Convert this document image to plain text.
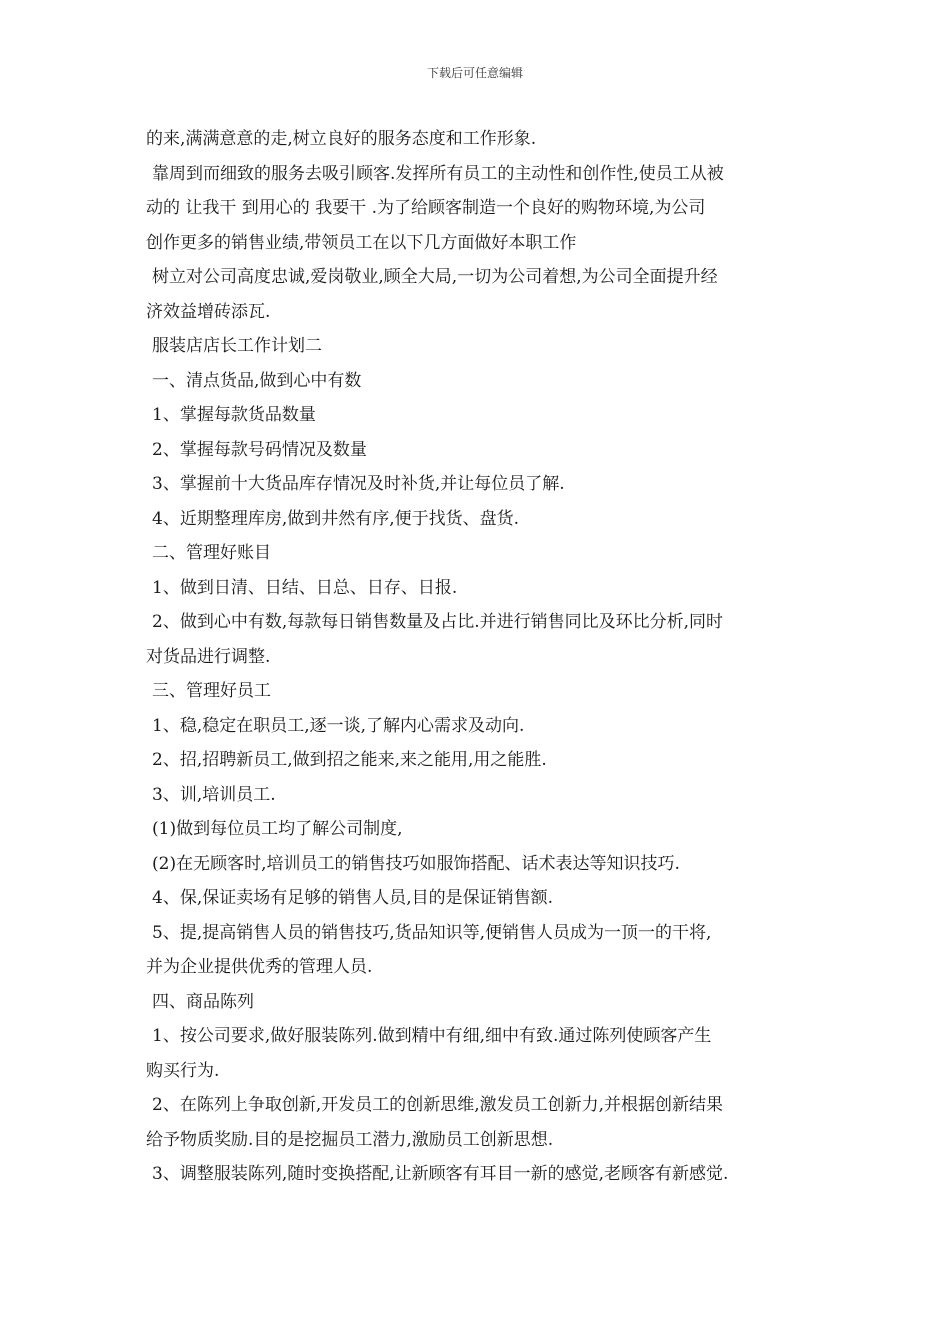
下载后可任意编辑
的来,满满意意的走,树立良好的服务态度和工作形象.
靠周到而细致的服务去吸引顾客.发挥所有员工的主动性和创作性,使员工从被
动的 让我干 到用心的 我要干 .为了给顾客制造一个良好的购物环境,为公司
创作更多的销售业绩,带领员工在以下几方面做好本职工作
树立对公司高度忠诚,爱岗敬业,顾全大局,一切为公司着想,为公司全面提升经
济效益增砖添瓦.
服装店店长工作计划二
一、清点货品,做到心中有数
1、掌握每款货品数量
2、掌握每款号码情况及数量
3、掌握前十大货品库存情况及时补货,并让每位员了解.
4、近期整理库房,做到井然有序,便于找货、盘货.
二、管理好账目
1、做到日清、日结、日总、日存、日报.
2、做到心中有数,每款每日销售数量及占比.并进行销售同比及环比分析,同时
对货品进行调整.
三、管理好员工
1、稳,稳定在职员工,逐一谈,了解内心需求及动向.
2、招,招聘新员工,做到招之能来,来之能用,用之能胜.
3、训,培训员工.
(1)做到每位员工均了解公司制度,
(2)在无顾客时,培训员工的销售技巧如服饰搭配、话术表达等知识技巧.
4、保,保证卖场有足够的销售人员,目的是保证销售额.
5、提,提高销售人员的销售技巧,货品知识等,便销售人员成为一顶一的干将,
并为企业提供优秀的管理人员.
四、商品陈列
1、按公司要求,做好服装陈列.做到精中有细,细中有致.通过陈列使顾客产生
购买行为.
2、在陈列上争取创新,开发员工的创新思维,激发员工创新力,并根据创新结果
给予物质奖励.目的是挖掘员工潜力,激励员工创新思想.
3、调整服装陈列,随时变换搭配,让新顾客有耳目一新的感觉,老顾客有新感觉.
